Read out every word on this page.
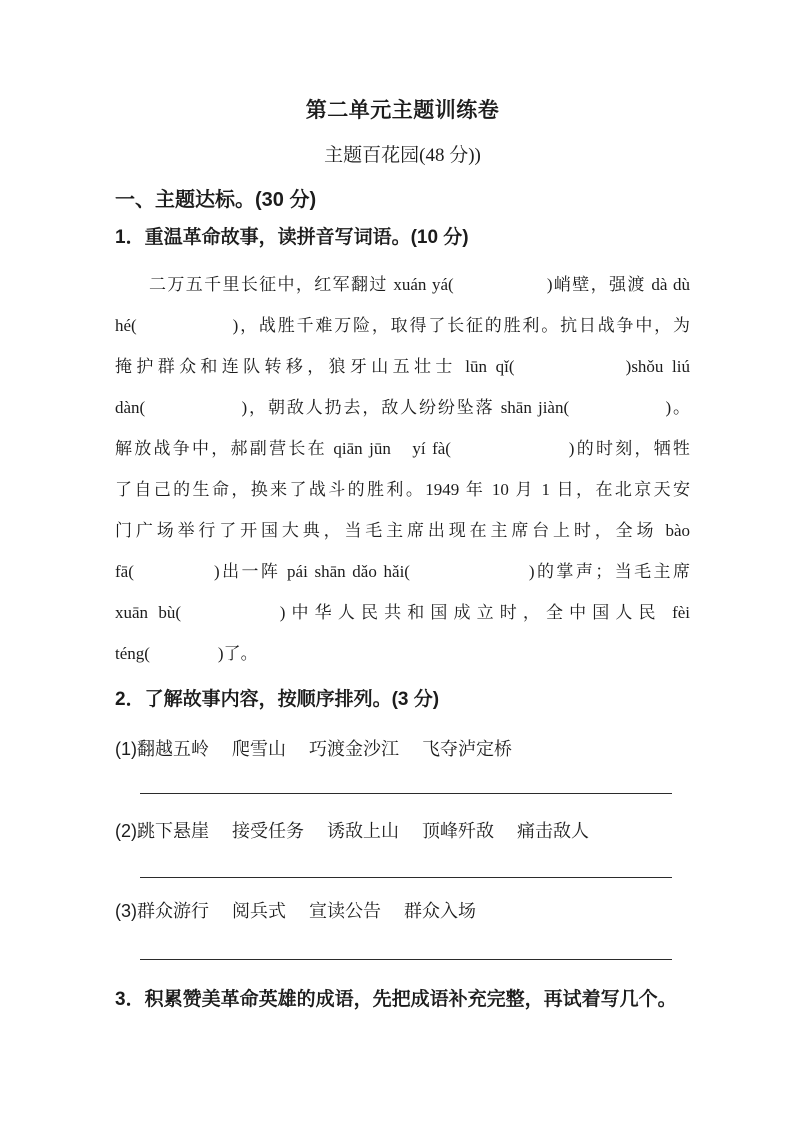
第二单元主题训练卷
主题百花园(48 分))
一、主题达标。(30 分)
1．重温革命故事，读拼音写词语。(10 分)
二万五千里长征中，红军翻过 xuán yá(　　　　　)峭壁，强渡 dà dù
hé(　　　　　)，战胜千难万险，取得了长征的胜利。抗日战争中，为
掩护群众和连队转移，狼牙山五壮士 lūn qǐ(　　　　　)shǒu liú
dàn(　　　　　)，朝敌人扔去，敌人纷纷坠落 shān jiàn(　　　　　)。
解放战争中，郝副营长在 qiān jūn　yí fà(　　　　　　)的时刻，牺牲
了自己的生命，换来了战斗的胜利。1949 年 10 月 1 日，在北京天安
门广场举行了开国大典，当毛主席出现在主席台上时，全场 bào
fā(　　　　)出一阵 pái shān dǎo hǎi(　　　　　　)的掌声；当毛主席
xuān bù(　　　　)中华人民共和国成立时，全中国人民 fèi
téng(　　　　)了。
2．了解故事内容，按顺序排列。(3 分)
(1)翻越五岭　 爬雪山　 巧渡金沙江　 飞夺泸定桥
(2)跳下悬崖　 接受任务　 诱敌上山　 顶峰歼敌　 痛击敌人
(3)群众游行　 阅兵式　 宣读公告　 群众入场
3．积累赞美革命英雄的成语，先把成语补充完整，再试着写几个。
